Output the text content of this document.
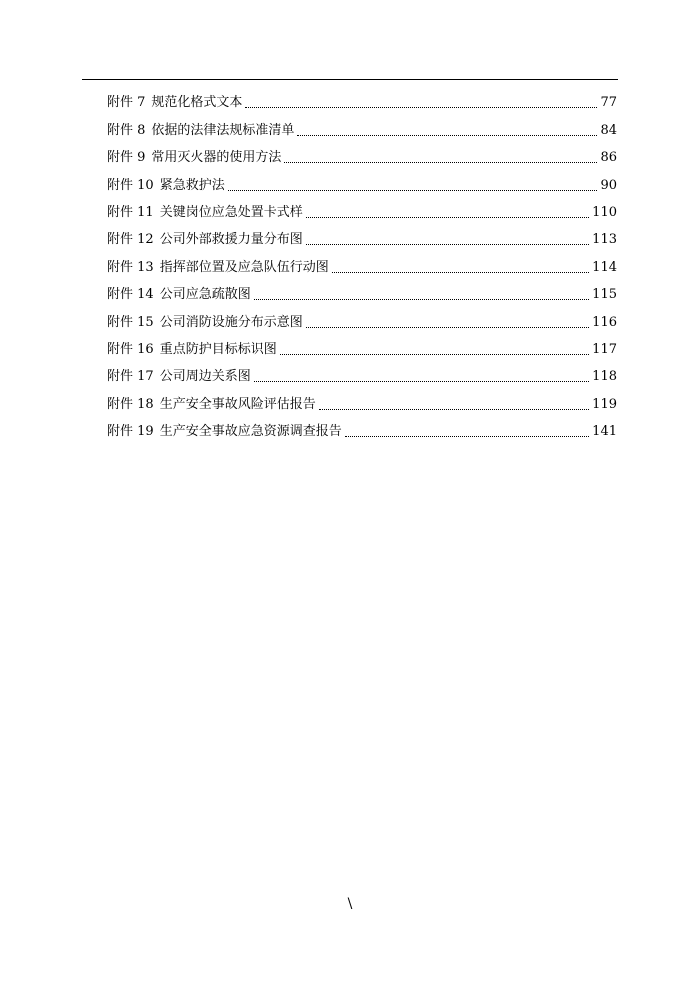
附件 7 规范化格式文本	77
附件 8 依据的法律法规标准清单	84
附件 9 常用灭火器的使用方法	86
附件 10 紧急救护法	90
附件 11 关键岗位应急处置卡式样	110
附件 12 公司外部救援力量分布图	113
附件 13 指挥部位置及应急队伍行动图	114
附件 14 公司应急疏散图	115
附件 15 公司消防设施分布示意图	116
附件 16 重点防护目标标识图	117
附件 17 公司周边关系图	118
附件 18 生产安全事故风险评估报告	119
附件 19 生产安全事故应急资源调查报告	141
\
